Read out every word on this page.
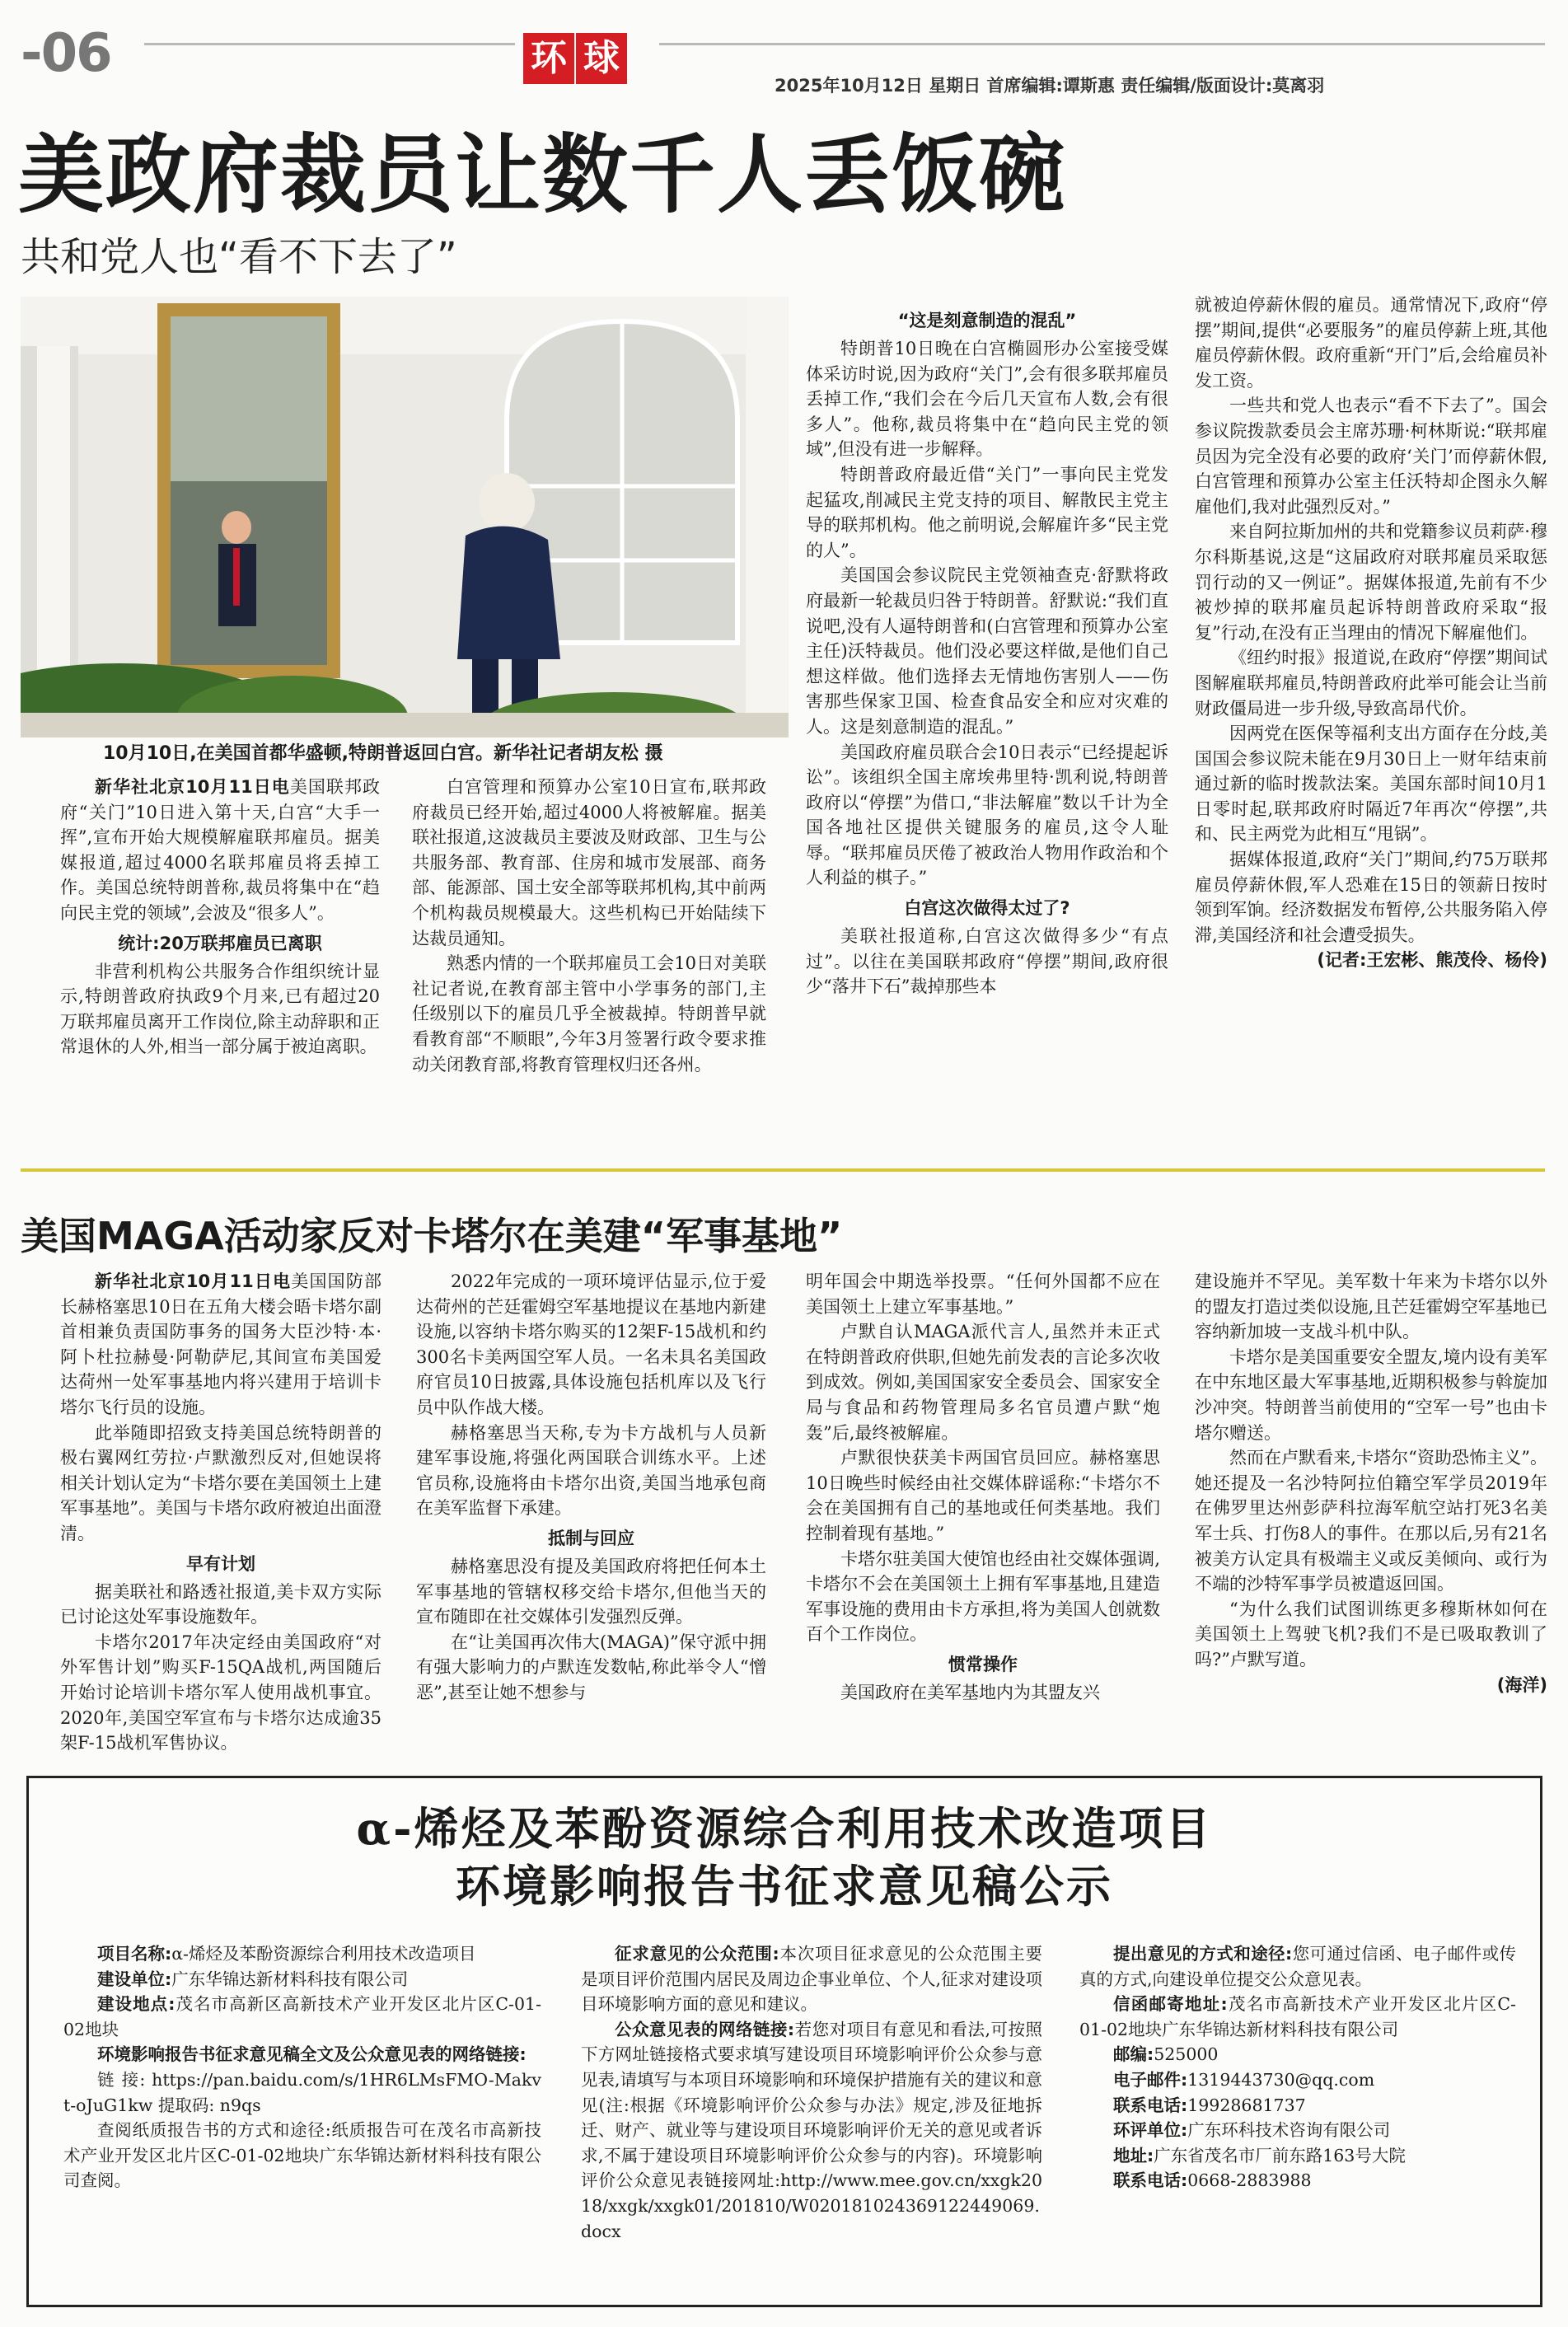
-06	环 球
2025年10月12日 星期日 首席编辑:谭斯惠 责任编辑/版面设计:莫离羽
美政府裁员让数千人丢饭碗
共和党人也“看不下去了”
10月10日,在美国首都华盛顿,特朗普返回白宫。新华社记者胡友松 摄

新华社北京10月11日电美国联邦政府“关门”10日进入第十天,白宫“大手一挥”,宣布开始大规模解雇联邦雇员。据美媒报道,超过4000名联邦雇员将丢掉工作。美国总统特朗普称,裁员将集中在“趋向民主党的领域”,会波及“很多人”。

统计:20万联邦雇员已离职

非营利机构公共服务合作组织统计显示,特朗普政府执政9个月来,已有超过20万联邦雇员离开工作岗位,除主动辞职和正常退休的人外,相当一部分属于被迫离职。

白宫管理和预算办公室10日宣布,联邦政府裁员已经开始,超过4000人将被解雇。据美联社报道,这波裁员主要波及财政部、卫生与公共服务部、教育部、住房和城市发展部、商务部、能源部、国土安全部等联邦机构,其中前两个机构裁员规模最大。这些机构已开始陆续下达裁员通知。

熟悉内情的一个联邦雇员工会10日对美联社记者说,在教育部主管中小学事务的部门,主任级别以下的雇员几乎全被裁掉。特朗普早就看教育部“不顺眼”,今年3月签署行政令要求推动关闭教育部,将教育管理权归还各州。

“这是刻意制造的混乱”

特朗普10日晚在白宫椭圆形办公室接受媒体采访时说,因为政府“关门”,会有很多联邦雇员丢掉工作,“我们会在今后几天宣布人数,会有很多人”。他称,裁员将集中在“趋向民主党的领域”,但没有进一步解释。

特朗普政府最近借“关门”一事向民主党发起猛攻,削减民主党支持的项目、解散民主党主导的联邦机构。他之前明说,会解雇许多“民主党的人”。

美国国会参议院民主党领袖查克·舒默将政府最新一轮裁员归咎于特朗普。舒默说:“我们直说吧,没有人逼特朗普和(白宫管理和预算办公室主任)沃特裁员。他们没必要这样做,是他们自己想这样做。他们选择去无情地伤害别人——伤害那些保家卫国、检查食品安全和应对灾难的人。这是刻意制造的混乱。”

美国政府雇员联合会10日表示“已经提起诉讼”。该组织全国主席埃弗里特·凯利说,特朗普政府以“停摆”为借口,“非法解雇”数以千计为全国各地社区提供关键服务的雇员,这令人耻辱。“联邦雇员厌倦了被政治人物用作政治和个人利益的棋子。”

白宫这次做得太过了?

美联社报道称,白宫这次做得多少“有点过”。以往在美国联邦政府“停摆”期间,政府很少“落井下石”裁掉那些本

就被迫停薪休假的雇员。通常情况下,政府“停摆”期间,提供“必要服务”的雇员停薪上班,其他雇员停薪休假。政府重新“开门”后,会给雇员补发工资。

一些共和党人也表示“看不下去了”。国会参议院拨款委员会主席苏珊·柯林斯说:“联邦雇员因为完全没有必要的政府‘关门’而停薪休假,白宫管理和预算办公室主任沃特却企图永久解雇他们,我对此强烈反对。”

来自阿拉斯加州的共和党籍参议员莉萨·穆尔科斯基说,这是“这届政府对联邦雇员采取惩罚行动的又一例证”。据媒体报道,先前有不少被炒掉的联邦雇员起诉特朗普政府采取“报复”行动,在没有正当理由的情况下解雇他们。

《纽约时报》报道说,在政府“停摆”期间试图解雇联邦雇员,特朗普政府此举可能会让当前财政僵局进一步升级,导致高昂代价。

因两党在医保等福利支出方面存在分歧,美国国会参议院未能在9月30日上一财年结束前通过新的临时拨款法案。美国东部时间10月1日零时起,联邦政府时隔近7年再次“停摆”,共和、民主两党为此相互“甩锅”。

据媒体报道,政府“关门”期间,约75万联邦雇员停薪休假,军人恐难在15日的领薪日按时领到军饷。经济数据发布暂停,公共服务陷入停滞,美国经济和社会遭受损失。

(记者:王宏彬、熊茂伶、杨伶)

美国MAGA活动家反对卡塔尔在美建“军事基地”

新华社北京10月11日电美国国防部长赫格塞思10日在五角大楼会晤卡塔尔副首相兼负责国防事务的国务大臣沙特·本·阿卜杜拉赫曼·阿勒萨尼,其间宣布美国爱达荷州一处军事基地内将兴建用于培训卡塔尔飞行员的设施。

此举随即招致支持美国总统特朗普的极右翼网红劳拉·卢默激烈反对,但她误将相关计划认定为“卡塔尔要在美国领土上建军事基地”。美国与卡塔尔政府被迫出面澄清。

早有计划

据美联社和路透社报道,美卡双方实际已讨论这处军事设施数年。

卡塔尔2017年决定经由美国政府“对外军售计划”购买F-15QA战机,两国随后开始讨论培训卡塔尔军人使用战机事宜。2020年,美国空军宣布与卡塔尔达成逾35架F-15战机军售协议。

2022年完成的一项环境评估显示,位于爱达荷州的芒廷霍姆空军基地提议在基地内新建设施,以容纳卡塔尔购买的12架F-15战机和约300名卡美两国空军人员。一名未具名美国政府官员10日披露,具体设施包括机库以及飞行员中队作战大楼。

赫格塞思当天称,专为卡方战机与人员新建军事设施,将强化两国联合训练水平。上述官员称,设施将由卡塔尔出资,美国当地承包商在美军监督下承建。

抵制与回应

赫格塞思没有提及美国政府将把任何本土军事基地的管辖权移交给卡塔尔,但他当天的宣布随即在社交媒体引发强烈反弹。

在“让美国再次伟大(MAGA)”保守派中拥有强大影响力的卢默连发数帖,称此举令人“憎恶”,甚至让她不想参与

明年国会中期选举投票。“任何外国都不应在美国领土上建立军事基地。”

卢默自认MAGA派代言人,虽然并未正式在特朗普政府供职,但她先前发表的言论多次收到成效。例如,美国国家安全委员会、国家安全局与食品和药物管理局多名官员遭卢默“炮轰”后,最终被解雇。

卢默很快获美卡两国官员回应。赫格塞思10日晚些时候经由社交媒体辟谣称:“卡塔尔不会在美国拥有自己的基地或任何类基地。我们控制着现有基地。”

卡塔尔驻美国大使馆也经由社交媒体强调,卡塔尔不会在美国领土上拥有军事基地,且建造军事设施的费用由卡方承担,将为美国人创就数百个工作岗位。

惯常操作

美国政府在美军基地内为其盟友兴

建设施并不罕见。美军数十年来为卡塔尔以外的盟友打造过类似设施,且芒廷霍姆空军基地已容纳新加坡一支战斗机中队。

卡塔尔是美国重要安全盟友,境内设有美军在中东地区最大军事基地,近期积极参与斡旋加沙冲突。特朗普当前使用的“空军一号”也由卡塔尔赠送。

然而在卢默看来,卡塔尔“资助恐怖主义”。她还提及一名沙特阿拉伯籍空军学员2019年在佛罗里达州彭萨科拉海军航空站打死3名美军士兵、打伤8人的事件。在那以后,另有21名被美方认定具有极端主义或反美倾向、或行为不端的沙特军事学员被遣返回国。

“为什么我们试图训练更多穆斯林如何在美国领土上驾驶飞机?我们不是已吸取教训了吗?”卢默写道。

(海洋)

α-烯烃及苯酚资源综合利用技术改造项目
环境影响报告书征求意见稿公示

项目名称:α-烯烃及苯酚资源综合利用技术改造项目

建设单位:广东华锦达新材料科技有限公司

建设地点:茂名市高新区高新技术产业开发区北片区C-01-02地块

环境影响报告书征求意见稿全文及公众意见表的网络链接:

链 接: https://pan.baidu.com/s/1HR6LMsFMO-Makvt-oJuG1kw 提取码: n9qs

查阅纸质报告书的方式和途径:纸质报告可在茂名市高新技术产业开发区北片区C-01-02地块广东华锦达新材料科技有限公司查阅。

征求意见的公众范围:本次项目征求意见的公众范围主要是项目评价范围内居民及周边企事业单位、个人,征求对建设项目环境影响方面的意见和建议。

公众意见表的网络链接:若您对项目有意见和看法,可按照下方网址链接格式要求填写建设项目环境影响评价公众参与意见表,请填写与本项目环境影响和环境保护措施有关的建议和意见(注:根据《环境影响评价公众参与办法》规定,涉及征地拆迁、财产、就业等与建设项目环境影响评价无关的意见或者诉求,不属于建设项目环境影响评价公众参与的内容)。环境影响评价公众意见表链接网址:http://www.mee.gov.cn/xxgk2018/xxgk/xxgk01/201810/W020181024369122449069.docx

提出意见的方式和途径:您可通过信函、电子邮件或传真的方式,向建设单位提交公众意见表。

信函邮寄地址:茂名市高新技术产业开发区北片区C-01-02地块广东华锦达新材料科技有限公司

邮编:525000

电子邮件:1319443730@qq.com

联系电话:19928681737

环评单位:广东环科技术咨询有限公司

地址:广东省茂名市厂前东路163号大院

联系电话:0668-2883988
